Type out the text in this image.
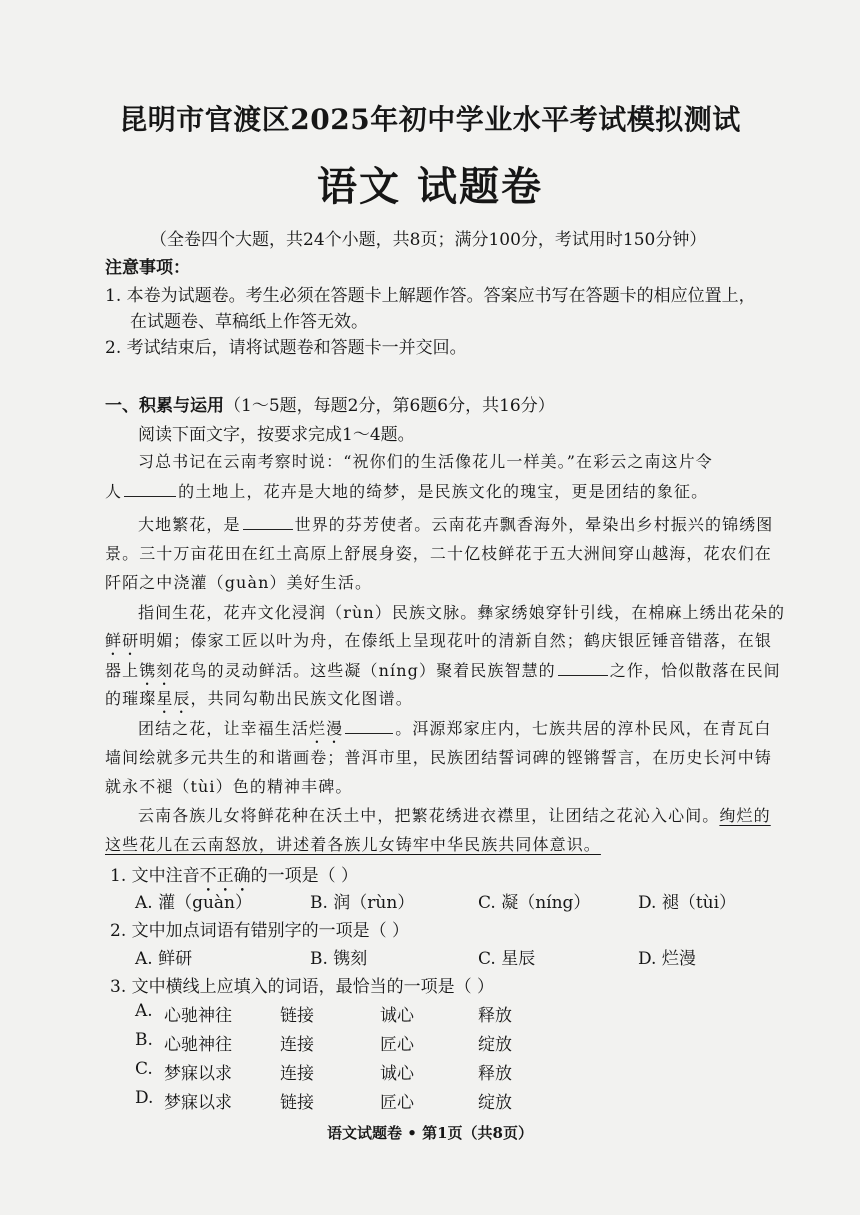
昆明市官渡区2025年初中学业水平考试模拟测试
语文 试题卷
（全卷四个大题，共24个小题，共8页；满分100分，考试用时150分钟）
注意事项：
1. 本卷为试题卷。考生必须在答题卡上解题作答。答案应书写在答题卡的相应位置上，
在试题卷、草稿纸上作答无效。
2. 考试结束后，请将试题卷和答题卡一并交回。
一、积累与运用（1～5题，每题2分，第6题6分，共16分）
阅读下面文字，按要求完成1～4题。
习总书记在云南考察时说：“祝你们的生活像花儿一样美。”在彩云之南这片令
人	的土地上，花卉是大地的绮梦，是民族文化的瑰宝，更是团结的象征。
大地繁花，是	世界的芬芳使者。云南花卉飘香海外，晕染出乡村振兴的锦绣图
景。三十万亩花田在红土高原上舒展身姿，二十亿枝鲜花于五大洲间穿山越海，花农们在
阡陌之中浇灌（guàn）美好生活。
指间生花，花卉文化浸润（rùn）民族文脉。彝家绣娘穿针引线，在棉麻上绣出花朵的
鲜研明媚；傣家工匠以叶为舟，在傣纸上呈现花叶的清新自然；鹤庆银匠锤音错落，在银
器上镌刻花鸟的灵动鲜活。这些凝（níng）聚着民族智慧的	之作，恰似散落在民间
的璀璨星辰，共同勾勒出民族文化图谱。
团结之花，让幸福生活烂漫	。洱源郑家庄内，七族共居的淳朴民风，在青瓦白
墙间绘就多元共生的和谐画卷；普洱市里，民族团结誓词碑的铿锵誓言，在历史长河中铸
就永不褪（tùi）色的精神丰碑。
云南各族儿女将鲜花种在沃土中，把繁花绣进衣襟里，让团结之花沁入心间。绚烂的
这些花儿在云南怒放，讲述着各族儿女铸牢中华民族共同体意识。
1. 文中注音不正确的一项是（ ）
A. 灌（guàn）	B. 润（rùn）	C. 凝（níng）	D. 褪（tùi）
2. 文中加点词语有错别字的一项是（ ）
A. 鲜研	B. 镌刻	C. 星辰	D. 烂漫
3. 文中横线上应填入的词语，最恰当的一项是（ ）
A. 心驰神往	链接	诚心	释放
B. 心驰神往	连接	匠心	绽放
C. 梦寐以求	连接	诚心	释放
D. 梦寐以求	链接	匠心	绽放
语文试题卷 • 第1页（共8页）
